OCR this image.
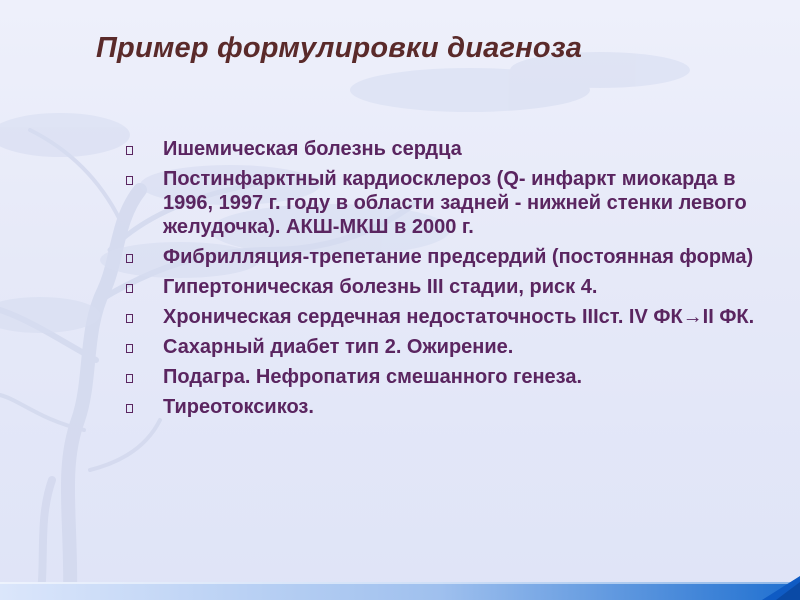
Пример формулировки диагноза
Ишемическая болезнь сердца
Постинфарктный кардиосклероз (Q- инфаркт миокарда в 1996, 1997 г. году в области задней - нижней стенки левого желудочка). АКШ-МКШ в 2000 г.
Фибрилляция-трепетание предсердий (постоянная форма)
Гипертоническая болезнь III стадии, риск 4.
Хроническая сердечная недостаточность IIIст. IV ФК→II ФК.
Сахарный диабет тип 2. Ожирение.
Подагра. Нефропатия смешанного генеза.
Тиреотоксикоз.
